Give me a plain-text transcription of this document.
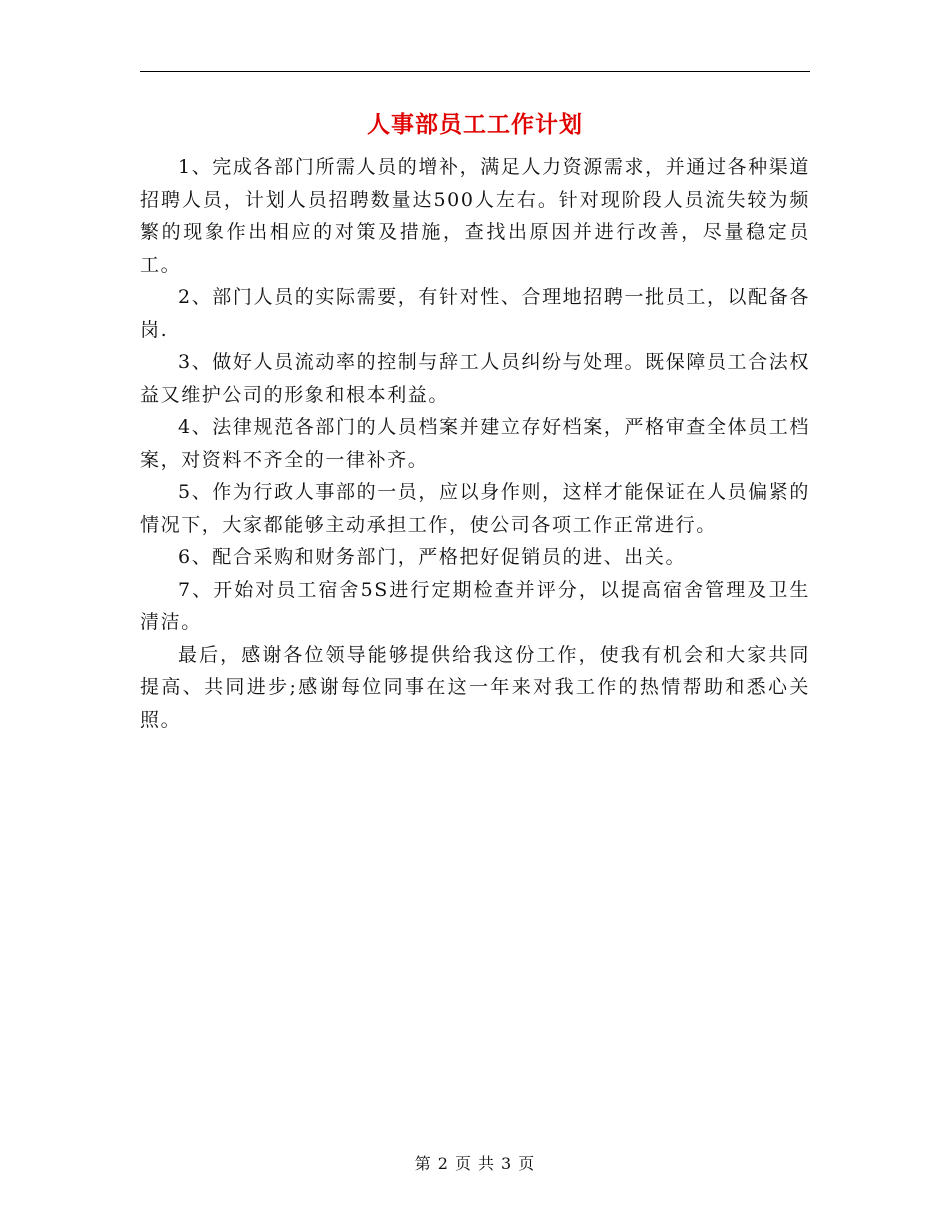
人事部员工工作计划

1、完成各部门所需人员的增补，满足人力资源需求，并通过各种渠道招聘人员，计划人员招聘数量达500人左右。针对现阶段人员流失较为频繁的现象作出相应的对策及措施，查找出原因并进行改善，尽量稳定员工。

2、部门人员的实际需要，有针对性、合理地招聘一批员工，以配备各岗.

3、做好人员流动率的控制与辞工人员纠纷与处理。既保障员工合法权益又维护公司的形象和根本利益。

4、法律规范各部门的人员档案并建立存好档案，严格审查全体员工档案，对资料不齐全的一律补齐。

5、作为行政人事部的一员，应以身作则，这样才能保证在人员偏紧的情况下，大家都能够主动承担工作，使公司各项工作正常进行。

6、配合采购和财务部门，严格把好促销员的进、出关。

7、开始对员工宿舍5S进行定期检查并评分，以提高宿舍管理及卫生清洁。

最后，感谢各位领导能够提供给我这份工作，使我有机会和大家共同提高、共同进步;感谢每位同事在这一年来对我工作的热情帮助和悉心关照。

第 2 页 共 3 页
